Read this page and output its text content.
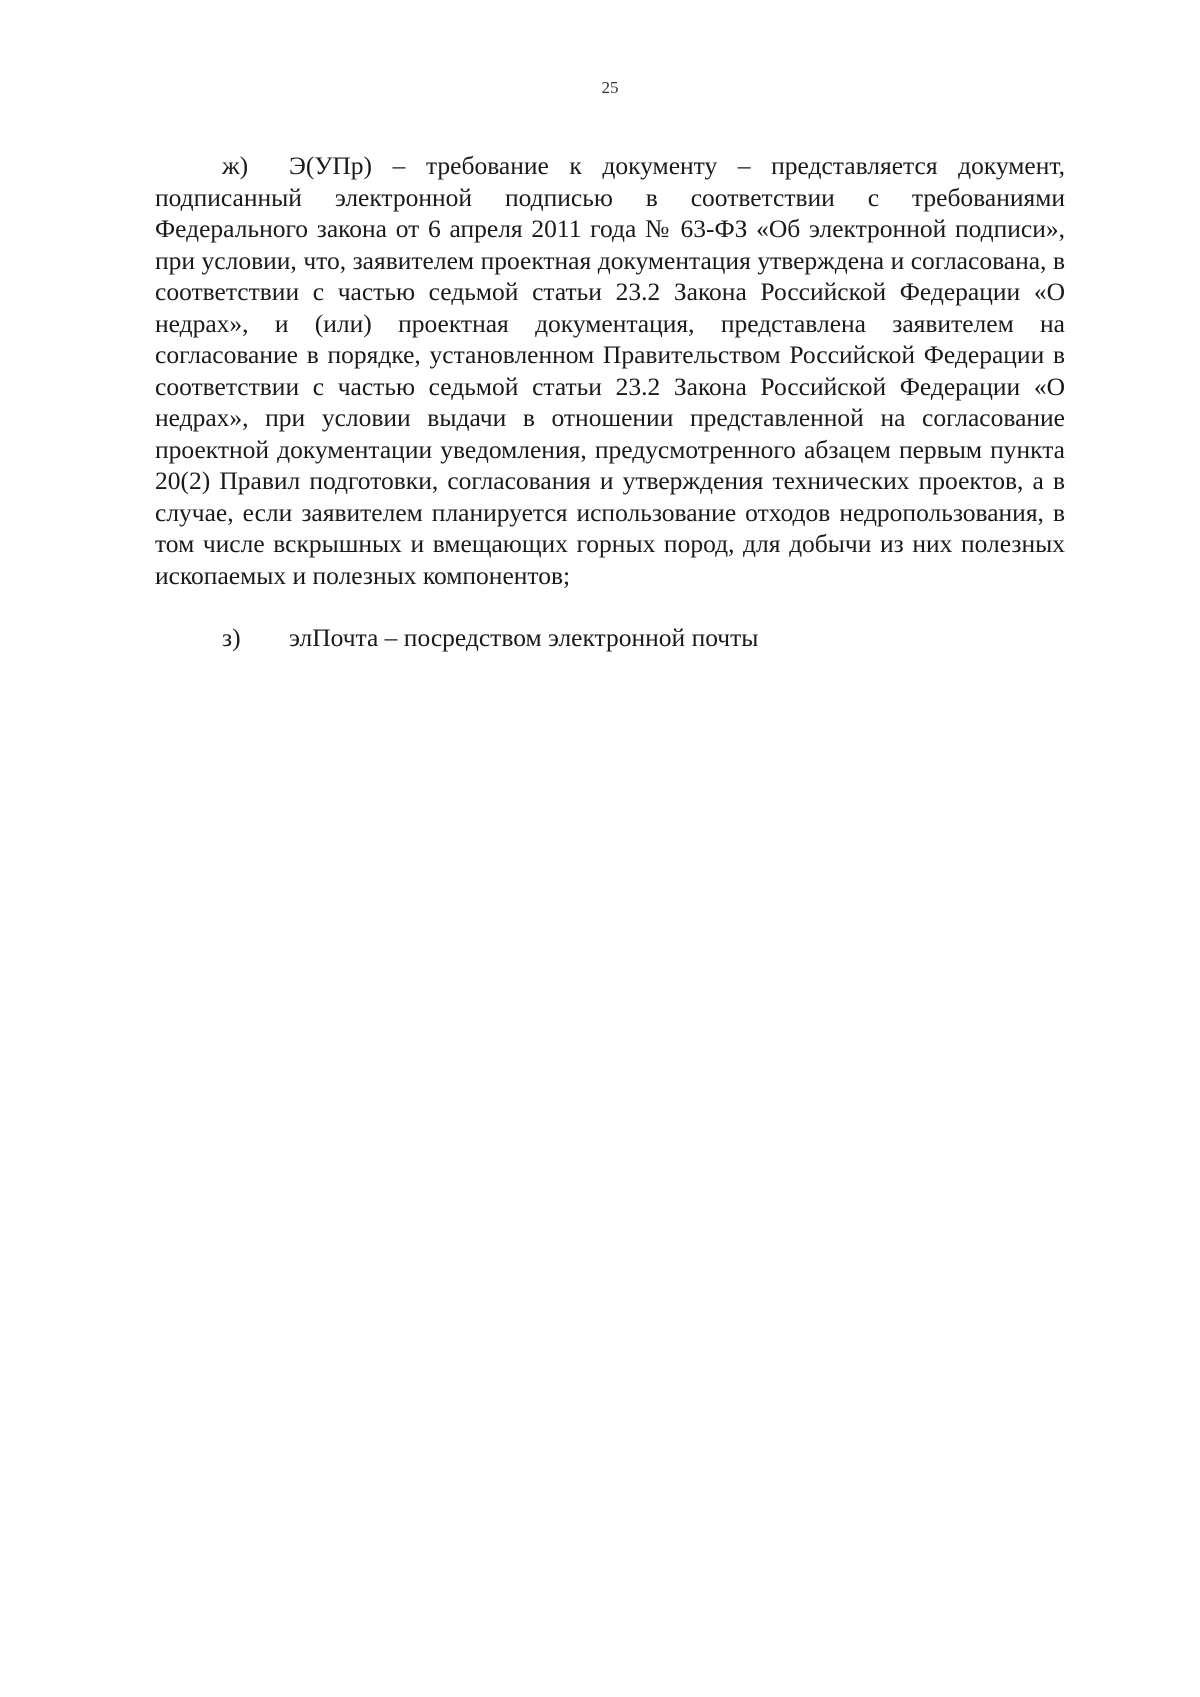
25

ж) Э(УПр) – требование к документу – представляется документ, подписанный электронной подписью в соответствии с требованиями Федерального закона от 6 апреля 2011 года № 63-ФЗ «Об электронной подписи», при условии, что, заявителем проектная документация утверждена и согласована, в соответствии с частью седьмой статьи 23.2 Закона Российской Федерации «О недрах», и (или) проектная документация, представлена заявителем на согласование в порядке, установленном Правительством Российской Федерации в соответствии с частью седьмой статьи 23.2 Закона Российской Федерации «О недрах», при условии выдачи в отношении представленной на согласование проектной документации уведомления, предусмотренного абзацем первым пункта 20(2) Правил подготовки, согласования и утверждения технических проектов, а в случае, если заявителем планируется использование отходов недропользования, в том числе вскрышных и вмещающих горных пород, для добычи из них полезных ископаемых и полезных компонентов;

з) элПочта – посредством электронной почты
